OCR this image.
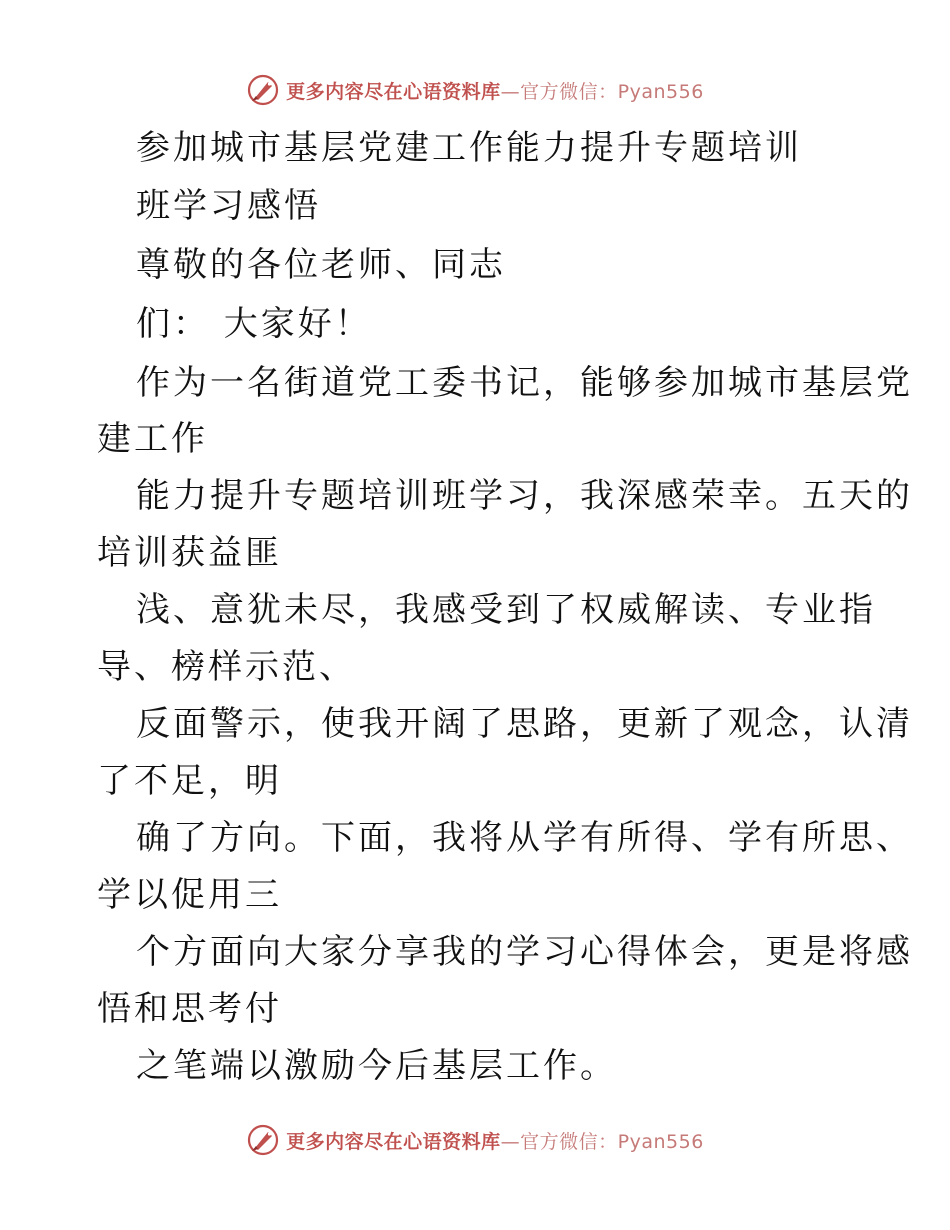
更多内容尽在心语资料库—官方微信：Pyan556
参加城市基层党建工作能力提升专题培训
班学习感悟
尊敬的各位老师、同志
们： 大家好！
作为一名街道党工委书记，能够参加城市基层党
建工作
能力提升专题培训班学习，我深感荣幸。五天的
培训获益匪
浅、意犹未尽，我感受到了权威解读、专业指
导、榜样示范、
反面警示，使我开阔了思路，更新了观念，认清
了不足，明
确了方向。下面，我将从学有所得、学有所思、
学以促用三
个方面向大家分享我的学习心得体会，更是将感
悟和思考付
之笔端以激励今后基层工作。
更多内容尽在心语资料库—官方微信：Pyan556
